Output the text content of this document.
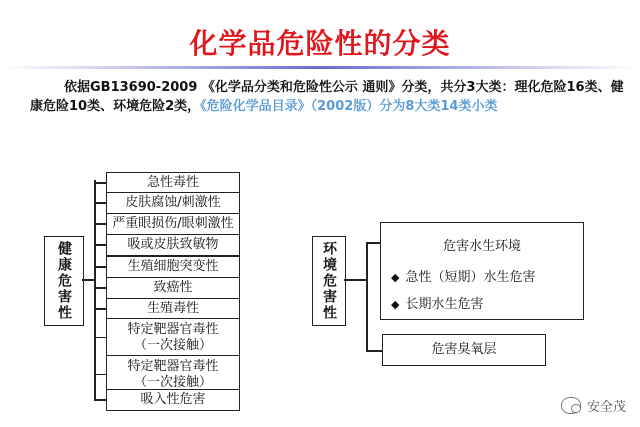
化学品危险性的分类
依据GB13690-2009 《化学品分类和危险性公示 通则》分类，共分3大类：理化危险16类、健康危险10类、环境危险2类，《危险化学品目录》（2002版）分为8大类14类小类
健康危害性
急性毒性
皮肤腐蚀/刺激性
严重眼损伤/眼刺激性
吸或皮肤致敏物
生殖细胞突变性
致癌性
生殖毒性
特定靶器官毒性
（一次接触）
特定靶器官毒性
（一次接触）
吸入性危害
环境危害性	危害水生环境
◆ 急性（短期）水生危害
◆ 长期水生危害
危害臭氧层
安全茂
